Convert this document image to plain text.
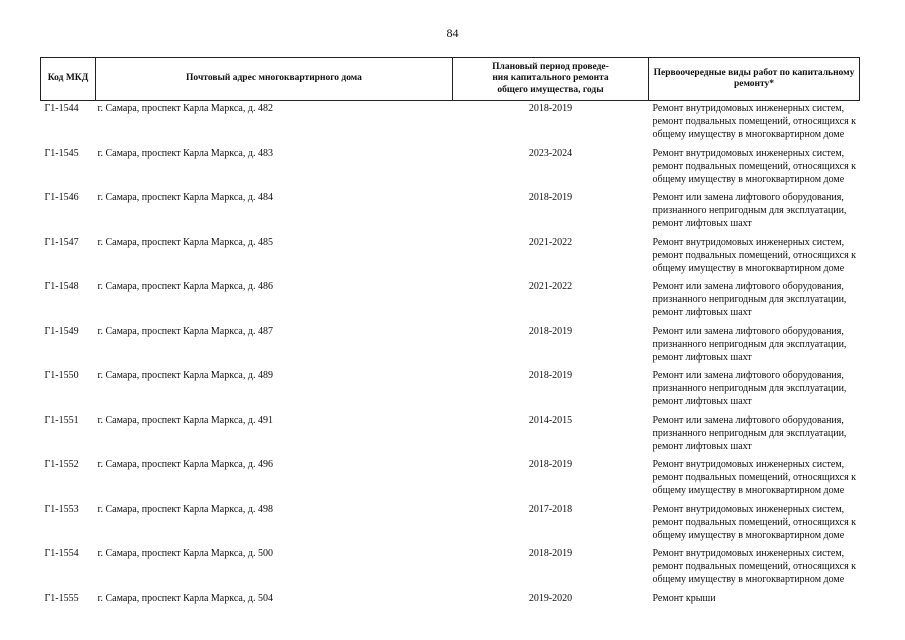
84
Код МКД	Почтовый адрес многоквартирного дома	Плановый период проведе-
ния капитального ремонта
общего имущества, годы	Первоочередные виды работ по капитальному
ремонту*

Г1-1544	г. Самара, проспект Карла Маркса, д. 482	2018-2019	Ремонт внутридомовых инженерных систем,
ремонт подвальных помещений, относящихся к
общему имуществу в многоквартирном доме

Г1-1545	г. Самара, проспект Карла Маркса, д. 483	2023-2024	Ремонт внутридомовых инженерных систем,
ремонт подвальных помещений, относящихся к
общему имуществу в многоквартирном доме

Г1-1546	г. Самара, проспект Карла Маркса, д. 484	2018-2019	Ремонт или замена лифтового оборудования,
признанного непригодным для эксплуатации,
ремонт лифтовых шахт

Г1-1547	г. Самара, проспект Карла Маркса, д. 485	2021-2022	Ремонт внутридомовых инженерных систем,
ремонт подвальных помещений, относящихся к
общему имуществу в многоквартирном доме

Г1-1548	г. Самара, проспект Карла Маркса, д. 486	2021-2022	Ремонт или замена лифтового оборудования,
признанного непригодным для эксплуатации,
ремонт лифтовых шахт

Г1-1549	г. Самара, проспект Карла Маркса, д. 487	2018-2019	Ремонт или замена лифтового оборудования,
признанного непригодным для эксплуатации,
ремонт лифтовых шахт

Г1-1550	г. Самара, проспект Карла Маркса, д. 489	2018-2019	Ремонт или замена лифтового оборудования,
признанного непригодным для эксплуатации,
ремонт лифтовых шахт

Г1-1551	г. Самара, проспект Карла Маркса, д. 491	2014-2015	Ремонт или замена лифтового оборудования,
признанного непригодным для эксплуатации,
ремонт лифтовых шахт

Г1-1552	г. Самара, проспект Карла Маркса, д. 496	2018-2019	Ремонт внутридомовых инженерных систем,
ремонт подвальных помещений, относящихся к
общему имуществу в многоквартирном доме

Г1-1553	г. Самара, проспект Карла Маркса, д. 498	2017-2018	Ремонт внутридомовых инженерных систем,
ремонт подвальных помещений, относящихся к
общему имуществу в многоквартирном доме

Г1-1554	г. Самара, проспект Карла Маркса, д. 500	2018-2019	Ремонт внутридомовых инженерных систем,
ремонт подвальных помещений, относящихся к
общему имуществу в многоквартирном доме

Г1-1555	г. Самара, проспект Карла Маркса, д. 504	2019-2020	Ремонт крыши
